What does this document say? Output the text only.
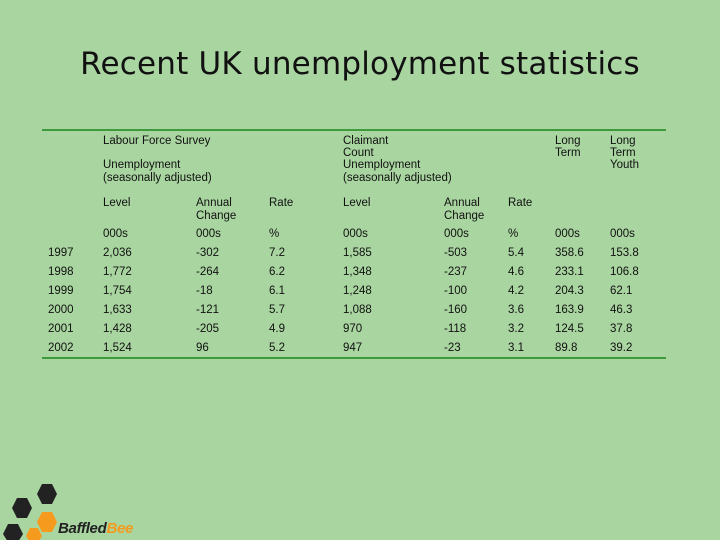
Recent UK unemployment statistics
Labour Force Survey
Unemployment
(seasonally adjusted)
Claimant
Count
Unemployment
(seasonally adjusted)
Long
Term
Long
Term
Youth
Level	Annual
Change
Rate	Level	Annual
Change
Rate
000s	000s	%	000s	000s	%	000s	000s
1997	2,036	-302	7.2	1,585	-503	5.4	358.6 153.8
1998	1,772	-264	6.2	1,348	-237	4.6	233.1 106.8
1999	1,754	-18	6.1	1,248	-100	4.2	204.3 62.1
2000	1,633	-121	5.7	1,088	-160	3.6	163.9 46.3
2001	1,428	-205	4.9	970	-118	3.2	124.5 37.8
2002	1,524	96	5.2	947	-23	3.1	89.8	39.2
BaffledBee
